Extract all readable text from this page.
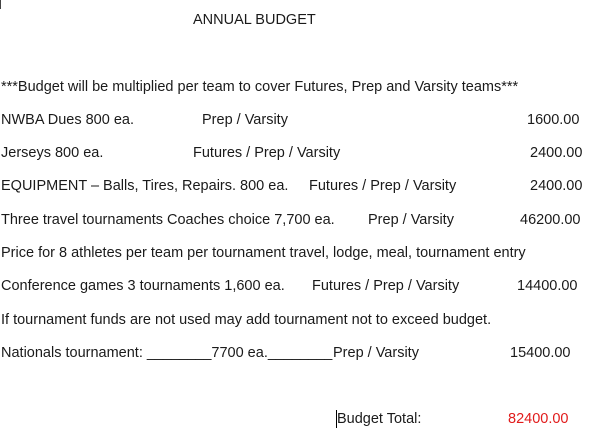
ANNUAL BUDGET
***Budget will be multiplied per team to cover Futures, Prep and Varsity teams***
NWBA Dues 800 ea.	Prep / Varsity	1600.00
Jerseys 800 ea.	Futures / Prep / Varsity	2400.00
EQUIPMENT – Balls, Tires, Repairs. 800 ea. Futures / Prep / Varsity	2400.00
Three travel tournaments Coaches choice 7,700 ea. Prep / Varsity	46200.00
Price for 8 athletes per team per tournament travel, lodge, meal, tournament entry
Conference games 3 tournaments 1,600 ea. Futures / Prep / Varsity	14400.00
If tournament funds are not used may add tournament not to exceed budget.
Nationals tournament: ________7700 ea.________ Prep / Varsity	15400.00
Budget Total:	82400.00
